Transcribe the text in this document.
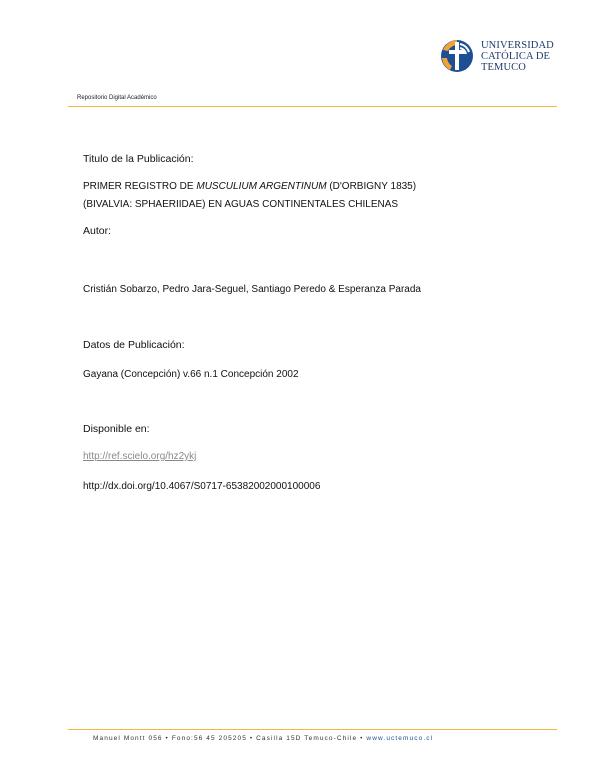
UNIVERSIDAD
CATÓLICA DE
TEMUCO
Repositorio Digital Académico
Titulo de la Publicación:
PRIMER REGISTRO DE MUSCULIUM ARGENTINUM (D'ORBIGNY 1835)
(BIVALVIA: SPHAERIIDAE) EN AGUAS CONTINENTALES CHILENAS
Autor:
Cristián Sobarzo, Pedro Jara-Seguel, Santiago Peredo & Esperanza Parada
Datos de Publicación:
Gayana (Concepción) v.66 n.1 Concepción 2002
Disponible en:
http://ref.scielo.org/hz2ykj
http://dx.doi.org/10.4067/S0717-65382002000100006
Manuel Montt 056 • Fono:56 45 205205 • Casilla 15D Temuco-Chile • www.uctemuco.cl
